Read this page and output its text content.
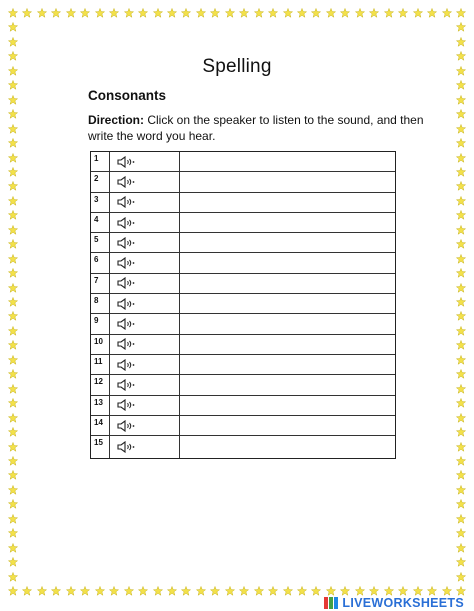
Spelling
Consonants
Direction: Click on the speaker to listen to the sound, and then write the word you hear.
1
2
3
4
5
6
7
8
9
10
11
12
13
14
15
LIVEWORKSHEETS
